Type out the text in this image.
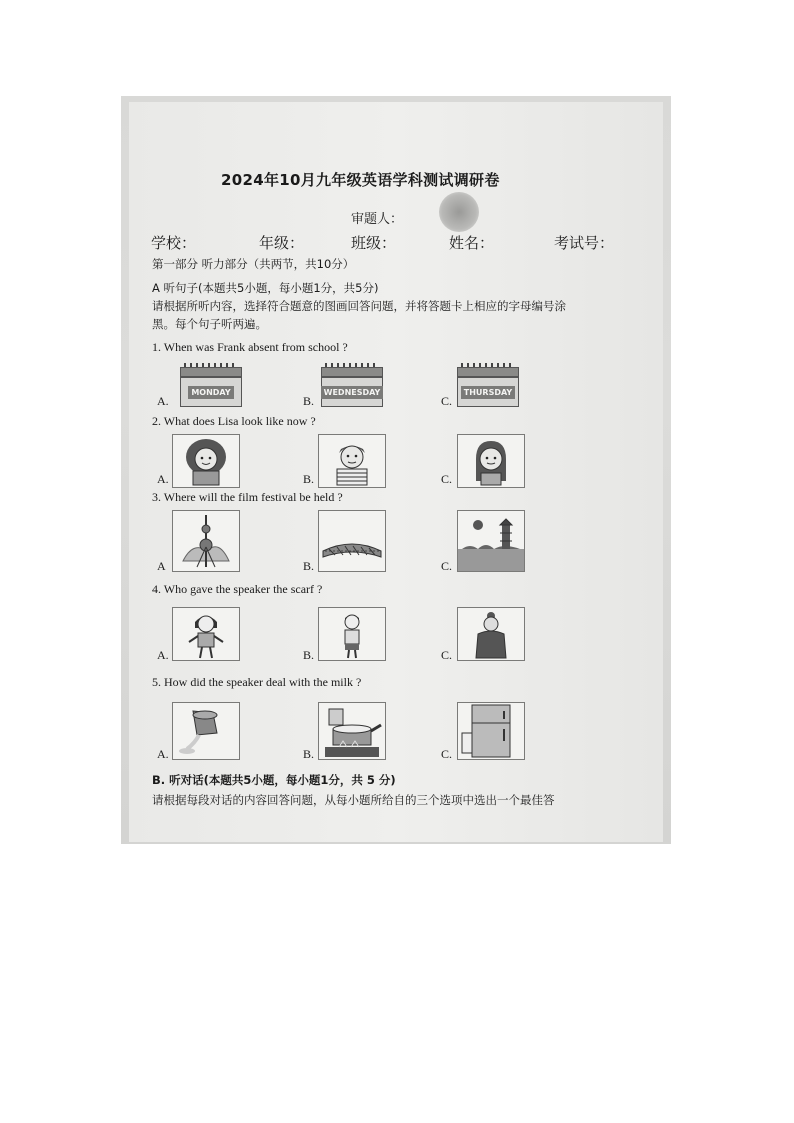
2024年10月九年级英语学科测试调研卷
审题人：
学校：	年级：	班级：	姓名：	考试号：
第一部分 听力部分（共两节，共10分）
A 听句子(本题共5小题，每小题1分，共5分)
请根据所听内容，选择符合题意的图画回答问题，并将答题卡上相应的字母编号涂
黑。每个句子听两遍。
1. When was Frank absent from school ?
A.
MONDAY
B.
WEDNESDAY
C.
THURSDAY
2. What does Lisa look like now ?
A.	B.	C.
3. Where will the film festival be held ?
A	B.	C.
4. Who gave the speaker the scarf ?
A.	B.	C.
5. How did the speaker deal with the milk ?
A.	B.	C.
B. 听对话(本题共5小题，每小题1分，共 5 分)
请根据每段对话的内容回答问题，从每小题所给自的三个选项中选出一个最佳答
